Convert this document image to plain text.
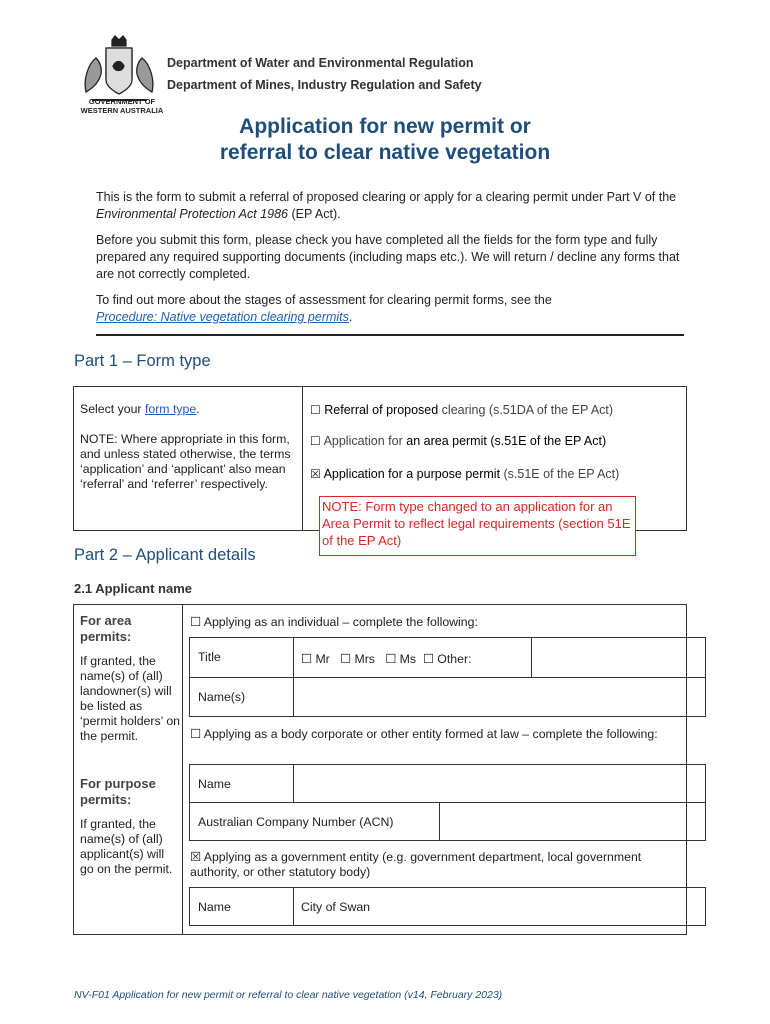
GOVERNMENT OF
WESTERN AUSTRALIA
Department of Water and Environmental Regulation
Department of Mines, Industry Regulation and Safety
Application for new permit or
referral to clear native vegetation
This is the form to submit a referral of proposed clearing or apply for a clearing permit under Part V of the Environmental Protection Act 1986 (EP Act).
Before you submit this form, please check you have completed all the fields for the form type and fully prepared any required supporting documents (including maps etc.). We will return / decline any forms that are not correctly completed.
To find out more about the stages of assessment for clearing permit forms, see the
Procedure: Native vegetation clearing permits.
Part 1 – Form type
Select your form type.
NOTE: Where appropriate in this form, and unless stated otherwise, the terms ‘application’ and ‘applicant’ also mean ‘referral’ and ‘referrer’ respectively.
☐ Referral of proposed clearing (s.51DA of the EP Act)
☐ Application for an area permit (s.51E of the EP Act)
☒ Application for a purpose permit (s.51E of the EP Act)
NOTE: Form type changed to an application for an Area Permit to reflect legal requirements (section 51E of the EP Act)
Part 2 – Applicant details
2.1 Applicant name
For area permits:
If granted, the name(s) of (all) landowner(s) will be listed as ‘permit holders’ on the permit.
For purpose permits:
If granted, the name(s) of (all) applicant(s) will go on the permit.
☐ Applying as an individual – complete the following:
Title	☐ Mr   ☐ Mrs   ☐ Ms  ☐ Other:
Name(s)
☐ Applying as a body corporate or other entity formed at law – complete the following:
Name
Australian Company Number (ACN)
☒ Applying as a government entity (e.g. government department, local government authority, or other statutory body)
Name	City of Swan
NV-F01 Application for new permit or referral to clear native vegetation (v14, February 2023)
